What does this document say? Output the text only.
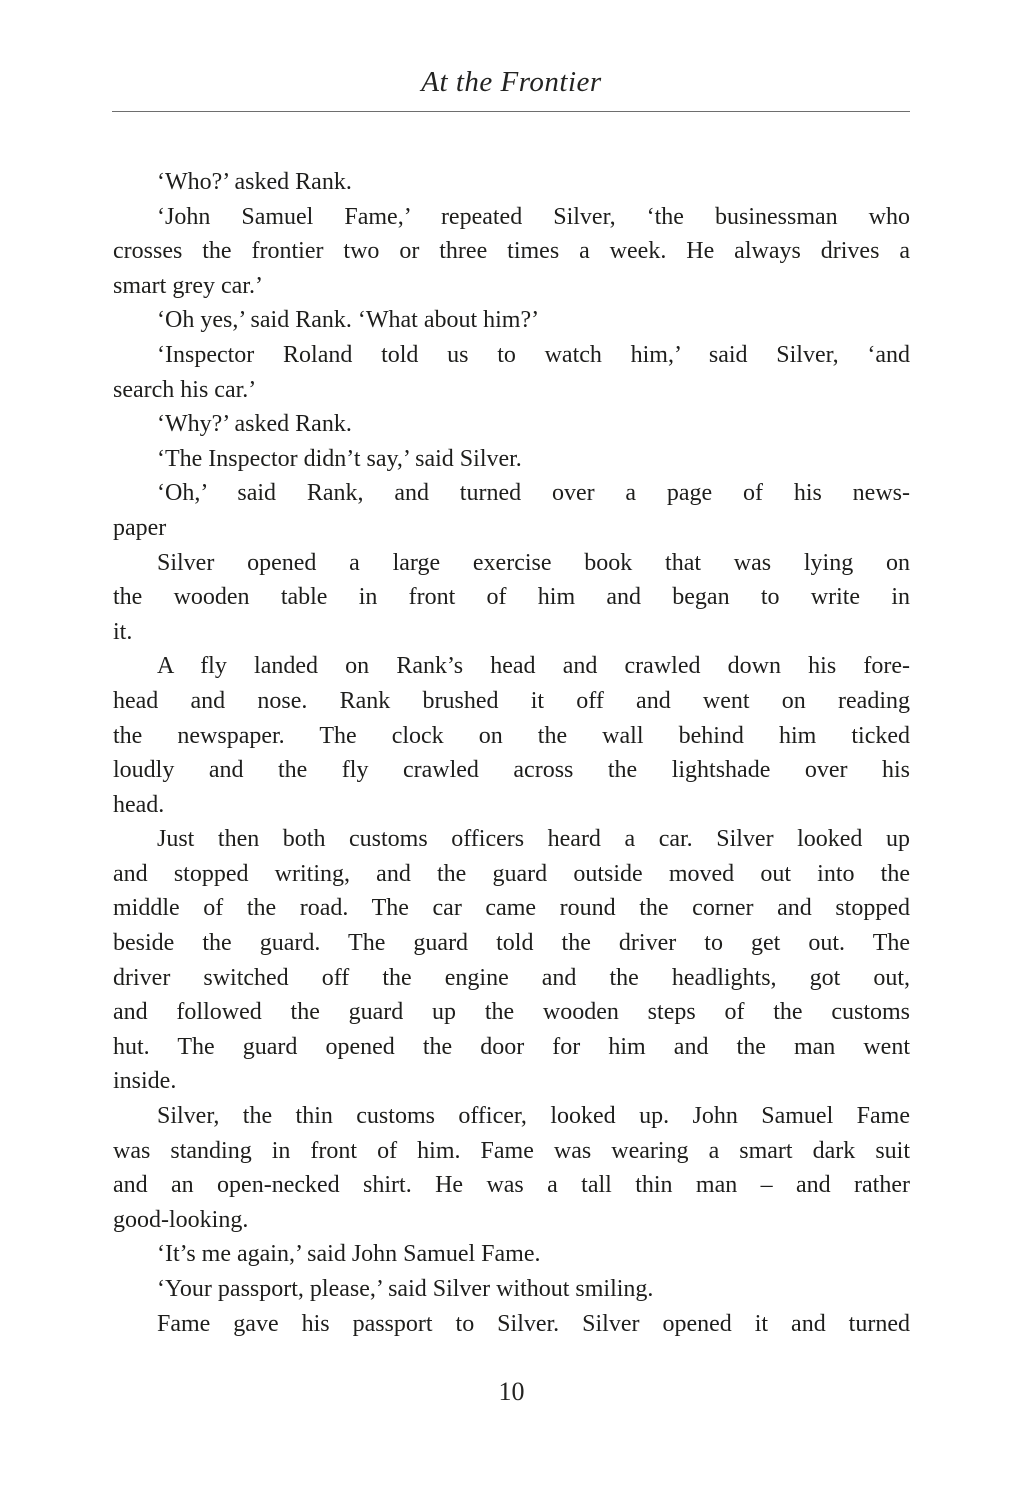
At the Frontier
‘Who?’ asked Rank.
‘John Samuel Fame,’ repeated Silver, ‘the businessman who
crosses the frontier two or three times a week. He always drives a
smart grey car.’
‘Oh yes,’ said Rank. ‘What about him?’
‘Inspector Roland told us to watch him,’ said Silver, ‘and
search his car.’
‘Why?’ asked Rank.
‘The Inspector didn’t say,’ said Silver.
‘Oh,’ said Rank, and turned over a page of his news-
paper
Silver opened a large exercise book that was lying on
the wooden table in front of him and began to write in
it.
A fly landed on Rank’s head and crawled down his fore-
head and nose. Rank brushed it off and went on reading
the newspaper. The clock on the wall behind him ticked
loudly and the fly crawled across the lightshade over his
head.
Just then both customs officers heard a car. Silver looked up
and stopped writing, and the guard outside moved out into the
middle of the road. The car came round the corner and stopped
beside the guard. The guard told the driver to get out. The
driver switched off the engine and the headlights, got out,
and followed the guard up the wooden steps of the customs
hut. The guard opened the door for him and the man went
inside.
Silver, the thin customs officer, looked up. John Samuel Fame
was standing in front of him. Fame was wearing a smart dark suit
and an open-necked shirt. He was a tall thin man – and rather
good-looking.
‘It’s me again,’ said John Samuel Fame.
‘Your passport, please,’ said Silver without smiling.
Fame gave his passport to Silver. Silver opened it and turned
10
